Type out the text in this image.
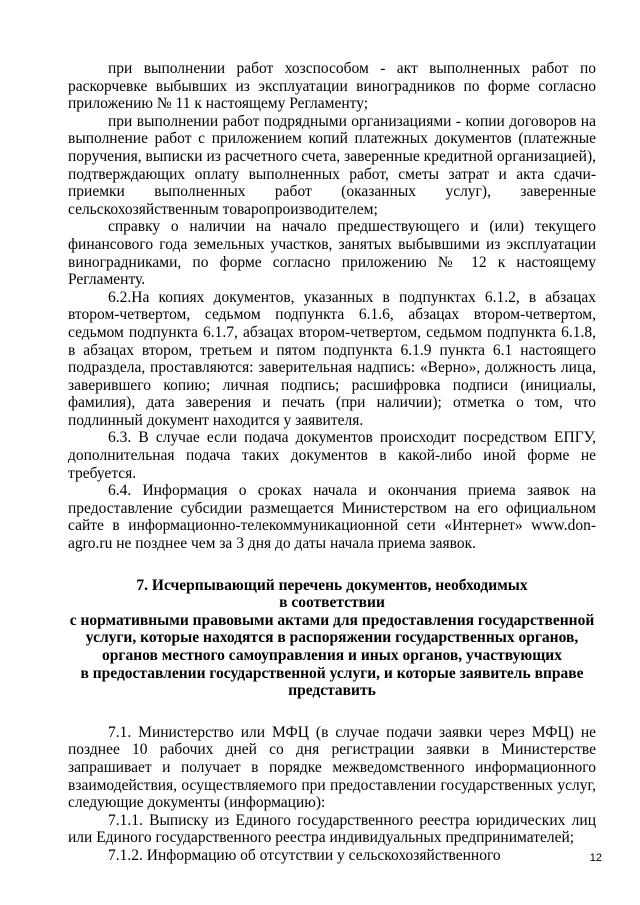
при выполнении работ хозспособом - акт выполненных работ по раскорчевке выбывших из эксплуатации виноградников по форме согласно приложению № 11 к настоящему Регламенту;

при выполнении работ подрядными организациями - копии договоров на выполнение работ с приложением копий платежных документов (платежные поручения, выписки из расчетного счета, заверенные кредитной организацией), подтверждающих оплату выполненных работ, сметы затрат и акта сдачи-приемки выполненных работ (оказанных услуг), заверенные сельскохозяйственным товаропроизводителем;

справку о наличии на начало предшествующего и (или) текущего финансового года земельных участков, занятых выбывшими из эксплуатации виноградниками, по форме согласно приложению № 12 к настоящему Регламенту.

6.2.На копиях документов, указанных в подпунктах 6.1.2, в абзацах втором-четвертом, седьмом подпункта 6.1.6, абзацах втором-четвертом, седьмом подпункта 6.1.7, абзацах втором-четвертом, седьмом подпункта 6.1.8, в абзацах втором, третьем и пятом подпункта 6.1.9 пункта 6.1 настоящего подраздела, проставляются: заверительная надпись: «Верно», должность лица, заверившего копию; личная подпись; расшифровка подписи (инициалы, фамилия), дата заверения и печать (при наличии); отметка о том, что подлинный документ находится у заявителя.

6.3. В случае если подача документов происходит посредством ЕПГУ, дополнительная подача таких документов в какой-либо иной форме не требуется.

6.4. Информация о сроках начала и окончания приема заявок на предоставление субсидии размещается Министерством на его официальном сайте в информационно-телекоммуникационной сети «Интернет» www.don-agro.ru не позднее чем за 3 дня до даты начала приема заявок.

7. Исчерпывающий перечень документов, необходимых
в соответствии
с нормативными правовыми актами для предоставления государственной
услуги, которые находятся в распоряжении государственных органов,
органов местного самоуправления и иных органов, участвующих
в предоставлении государственной услуги, и которые заявитель вправе
представить

7.1. Министерство или МФЦ (в случае подачи заявки через МФЦ) не позднее 10 рабочих дней со дня регистрации заявки в Министерстве запрашивает и получает в порядке межведомственного информационного взаимодействия, осуществляемого при предоставлении государственных услуг, следующие документы (информацию):

7.1.1. Выписку из Единого государственного реестра юридических лиц или Единого государственного реестра индивидуальных предпринимателей;

7.1.2. Информацию об отсутствии у сельскохозяйственного	12
